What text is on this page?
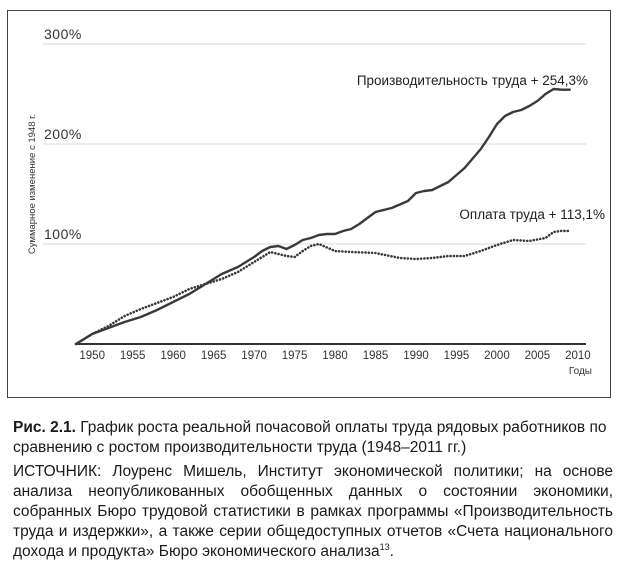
100%
200%
300%
1950 1955 1960 1965 1970 1975 1980 1985 1990 1995 2000 2005 2010
Годы
Суммарное изменение с 1948 г.
Производительность труда + 254,3%
Оплата труда + 113,1%
Рис. 2.1. График роста реальной почасовой оплаты труда рядовых работников по сравнению с ростом производительности труда (1948–2011 гг.)
ИСТОЧНИК: Лоуренс Мишель, Институт экономической политики; на основе анализа неопубликованных обобщенных данных о состоянии экономики, собранных Бюро трудовой статистики в рамках программы «Производительность труда и издержки», а также серии общедоступных отчетов «Счета национального дохода и продукта» Бюро экономического анализа$^{13}$.
